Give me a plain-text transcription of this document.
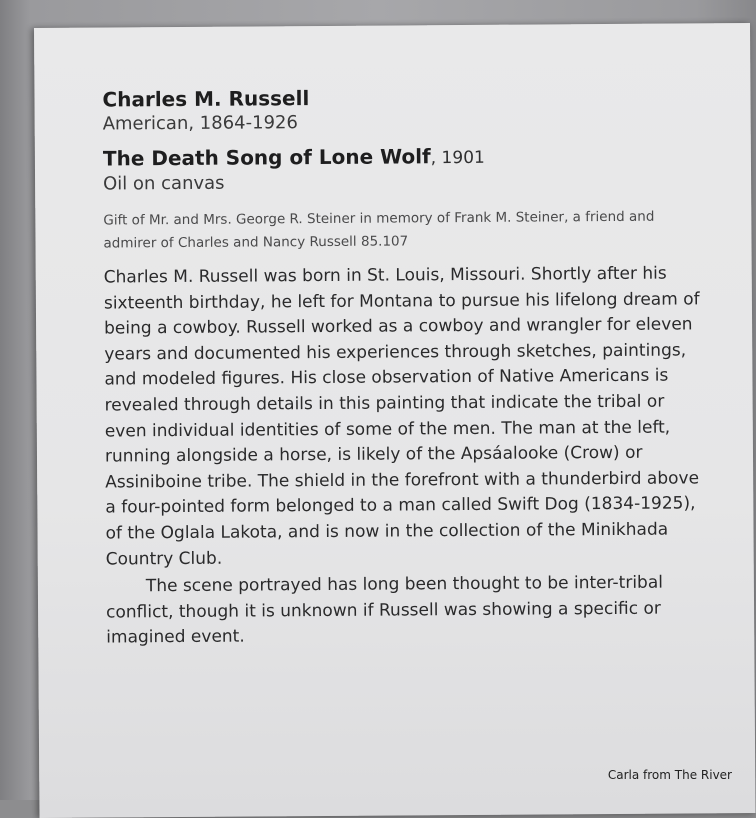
Charles M. Russell

American, 1864-1926

The Death Song of Lone Wolf, 1901

Oil on canvas

Gift of Mr. and Mrs. George R. Steiner in memory of Frank M. Steiner, a friend and admirer of Charles and Nancy Russell 85.107

Charles M. Russell was born in St. Louis, Missouri. Shortly after his sixteenth birthday, he left for Montana to pursue his lifelong dream of being a cowboy. Russell worked as a cowboy and wrangler for eleven years and documented his experiences through sketches, paintings, and modeled figures. His close observation of Native Americans is revealed through details in this painting that indicate the tribal or even individual identities of some of the men. The man at the left, running alongside a horse, is likely of the Apsáalooke (Crow) or Assiniboine tribe. The shield in the forefront with a thunderbird above a four-pointed form belonged to a man called Swift Dog (1834-1925), of the Oglala Lakota, and is now in the collection of the Minikhada Country Club.

The scene portrayed has long been thought to be inter-tribal conflict, though it is unknown if Russell was showing a specific or imagined event.

Carla from The River
